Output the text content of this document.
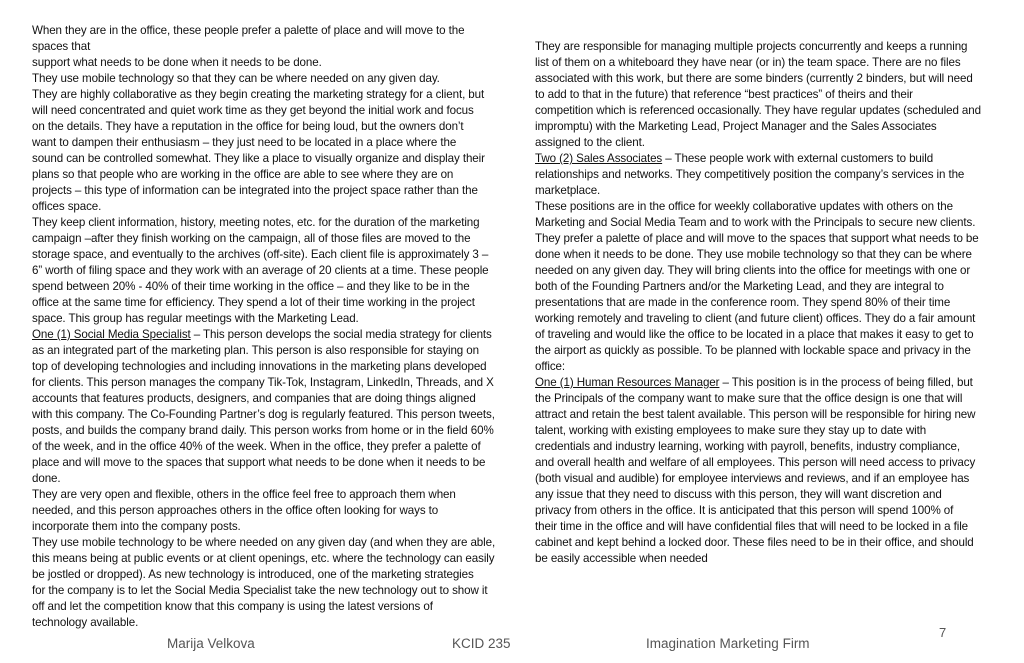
When they are in the office, these people prefer a palette of place and will move to the

spaces that

support what needs to be done when it needs to be done.

They use mobile technology so that they can be where needed on any given day.

They are highly collaborative as they begin creating the marketing strategy for a client, but

will need concentrated and quiet work time as they get beyond the initial work and focus

on the details. They have a reputation in the office for being loud, but the owners don’t

want to dampen their enthusiasm – they just need to be located in a place where the

sound can be controlled somewhat. They like a place to visually organize and display their

plans so that people who are working in the office are able to see where they are on

projects – this type of information can be integrated into the project space rather than the

offices space.

They keep client information, history, meeting notes, etc. for the duration of the marketing

campaign –after they finish working on the campaign, all of those files are moved to the

storage space, and eventually to the archives (off-site). Each client file is approximately 3 –

6” worth of filing space and they work with an average of 20 clients at a time. These people

spend between 20% - 40% of their time working in the office – and they like to be in the

office at the same time for efficiency. They spend a lot of their time working in the project

space. This group has regular meetings with the Marketing Lead.

One (1) Social Media Specialist – This person develops the social media strategy for clients

as an integrated part of the marketing plan. This person is also responsible for staying on

top of developing technologies and including innovations in the marketing plans developed

for clients. This person manages the company Tik-Tok, Instagram, LinkedIn, Threads, and X

accounts that features products, designers, and companies that are doing things aligned

with this company. The Co-Founding Partner’s dog is regularly featured. This person tweets,

posts, and builds the company brand daily. This person works from home or in the field 60%

of the week, and in the office 40% of the week. When in the office, they prefer a palette of

place and will move to the spaces that support what needs to be done when it needs to be

done.

They are very open and flexible, others in the office feel free to approach them when

needed, and this person approaches others in the office often looking for ways to

incorporate them into the company posts.

They use mobile technology to be where needed on any given day (and when they are able,

this means being at public events or at client openings, etc. where the technology can easily

be jostled or dropped). As new technology is introduced, one of the marketing strategies

for the company is to let the Social Media Specialist take the new technology out to show it

off and let the competition know that this company is using the latest versions of

technology available.

They are responsible for managing multiple projects concurrently and keeps a running

list of them on a whiteboard they have near (or in) the team space. There are no files

associated with this work, but there are some binders (currently 2 binders, but will need

to add to that in the future) that reference “best practices” of theirs and their

competition which is referenced occasionally. They have regular updates (scheduled and

impromptu) with the Marketing Lead, Project Manager and the Sales Associates

assigned to the client.

Two (2) Sales Associates – These people work with external customers to build

relationships and networks. They competitively position the company’s services in the

marketplace.

These positions are in the office for weekly collaborative updates with others on the

Marketing and Social Media Team and to work with the Principals to secure new clients.

They prefer a palette of place and will move to the spaces that support what needs to be

done when it needs to be done. They use mobile technology so that they can be where

needed on any given day. They will bring clients into the office for meetings with one or

both of the Founding Partners and/or the Marketing Lead, and they are integral to

presentations that are made in the conference room. They spend 80% of their time

working remotely and traveling to client (and future client) offices. They do a fair amount

of traveling and would like the office to be located in a place that makes it easy to get to

the airport as quickly as possible. To be planned with lockable space and privacy in the

office:

One (1) Human Resources Manager – This position is in the process of being filled, but

the Principals of the company want to make sure that the office design is one that will

attract and retain the best talent available. This person will be responsible for hiring new

talent, working with existing employees to make sure they stay up to date with

credentials and industry learning, working with payroll, benefits, industry compliance,

and overall health and welfare of all employees. This person will need access to privacy

(both visual and audible) for employee interviews and reviews, and if an employee has

any issue that they need to discuss with this person, they will want discretion and

privacy from others in the office. It is anticipated that this person will spend 100% of

their time in the office and will have confidential files that will need to be locked in a file

cabinet and kept behind a locked door. These files need to be in their office, and should

be easily accessible when needed

Marija Velkova	KCID 235	Imagination Marketing Firm
7
